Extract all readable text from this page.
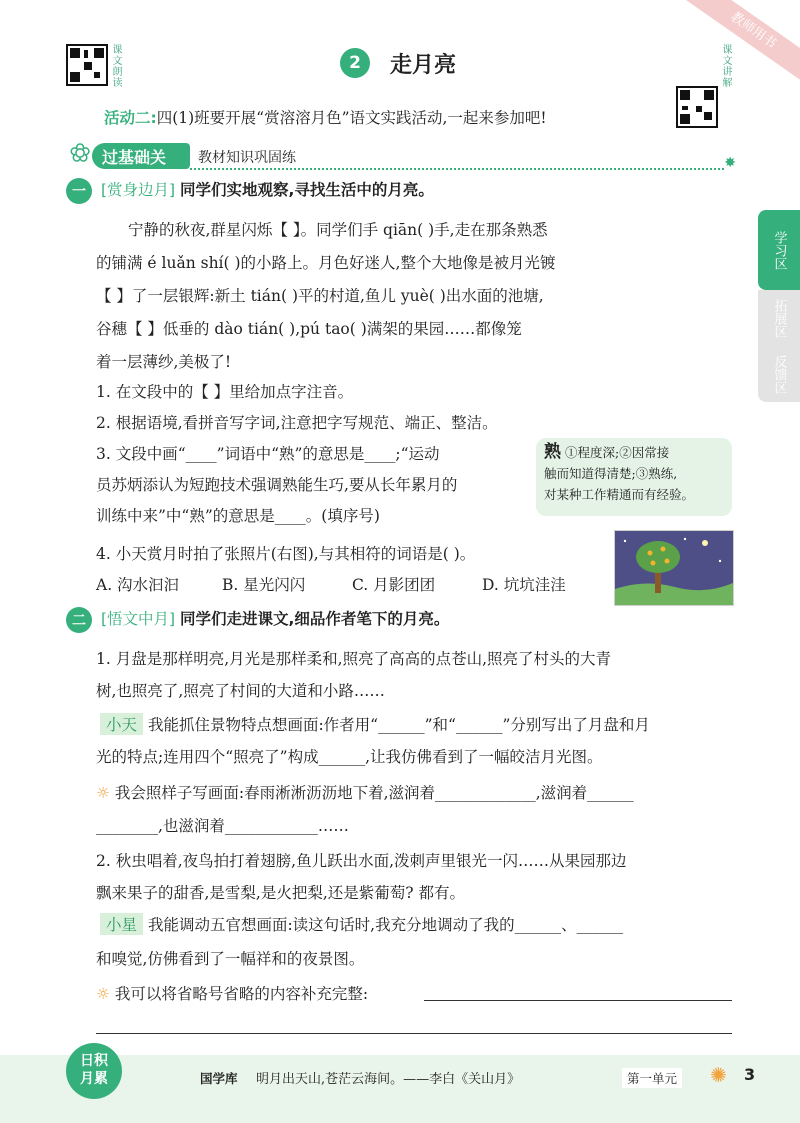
教师用书
课文朗读	2	走月亮	课文讲解
活动二:四(1)班要开展“赏溶溶月色”语文实践活动,一起来参加吧!
✿ 过基础关 教材知识巩固练	✸
学习区
拓展区
反馈区
一 [赏身边月] 同学们实地观察,寻找生活中的月亮。
宁静的秋夜,群星闪烁【 】。同学们手 qiān( )手,走在那条熟悉
的铺满 é luǎn shí( )的小路上。月色好迷人,整个大地像是被月光镀
【 】了一层银辉:新土 tián( )平的村道,鱼儿 yuè( )出水面的池塘,
谷穗【 】低垂的 dào tián( ),pú tao( )满架的果园……都像笼
着一层薄纱,美极了!
1. 在文段中的【 】里给加点字注音。
2. 根据语境,看拼音写字词,注意把字写规范、端正、整洁。
3. 文段中画“____”词语中“熟”的意思是____;“运动
员苏炳添认为短跑技术强调熟能生巧,要从长年累月的
训练中来”中“熟”的意思是____。(填序号)
熟 ①程度深;②因常接
触而知道得清楚;③熟练,
对某种工作精通而有经验。
4. 小天赏月时拍了张照片(右图),与其相符的词语是( )。
A. 沟水汩汩	B. 星光闪闪	C. 月影团团	D. 坑坑洼洼
二 [悟文中月] 同学们走进课文,细品作者笔下的月亮。
1. 月盘是那样明亮,月光是那样柔和,照亮了高高的点苍山,照亮了村头的大青
树,也照亮了,照亮了村间的大道和小路……
小天 我能抓住景物特点想画面:作者用“______”和“______”分别写出了月盘和月
光的特点;连用四个“照亮了”构成______,让我仿佛看到了一幅皎洁月光图。
☼ 我会照样子写画面:春雨淅淅沥沥地下着,滋润着_____________,滋润着______
________,也滋润着____________……
2. 秋虫唱着,夜鸟拍打着翅膀,鱼儿跃出水面,泼刺声里银光一闪……从果园那边
飘来果子的甜香,是雪梨,是火把梨,还是紫葡萄? 都有。
小星 我能调动五官想画面:读这句话时,我充分地调动了我的______、______
和嗅觉,仿佛看到了一幅祥和的夜景图。
☼ 我可以将省略号省略的内容补充完整:
日积
月累	国学库 明月出天山,苍茫云海间。——李白《关山月》	第一单元 ✺ 3
